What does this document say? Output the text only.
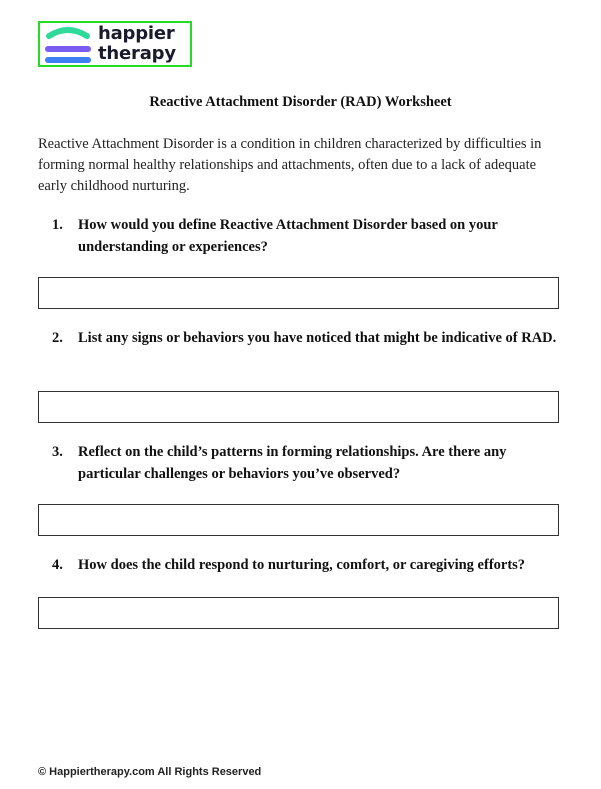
happier
therapy
Reactive Attachment Disorder (RAD) Worksheet

Reactive Attachment Disorder is a condition in children characterized by difficulties in forming normal healthy relationships and attachments, often due to a lack of adequate early childhood nurturing.

1.	How would you define Reactive Attachment Disorder based on your understanding or experiences?
2.	List any signs or behaviors you have noticed that might be indicative of RAD.
3.	Reflect on the child’s patterns in forming relationships. Are there any particular challenges or behaviors you’ve observed?
4.	How does the child respond to nurturing, comfort, or caregiving efforts?
© Happiertherapy.com All Rights Reserved
